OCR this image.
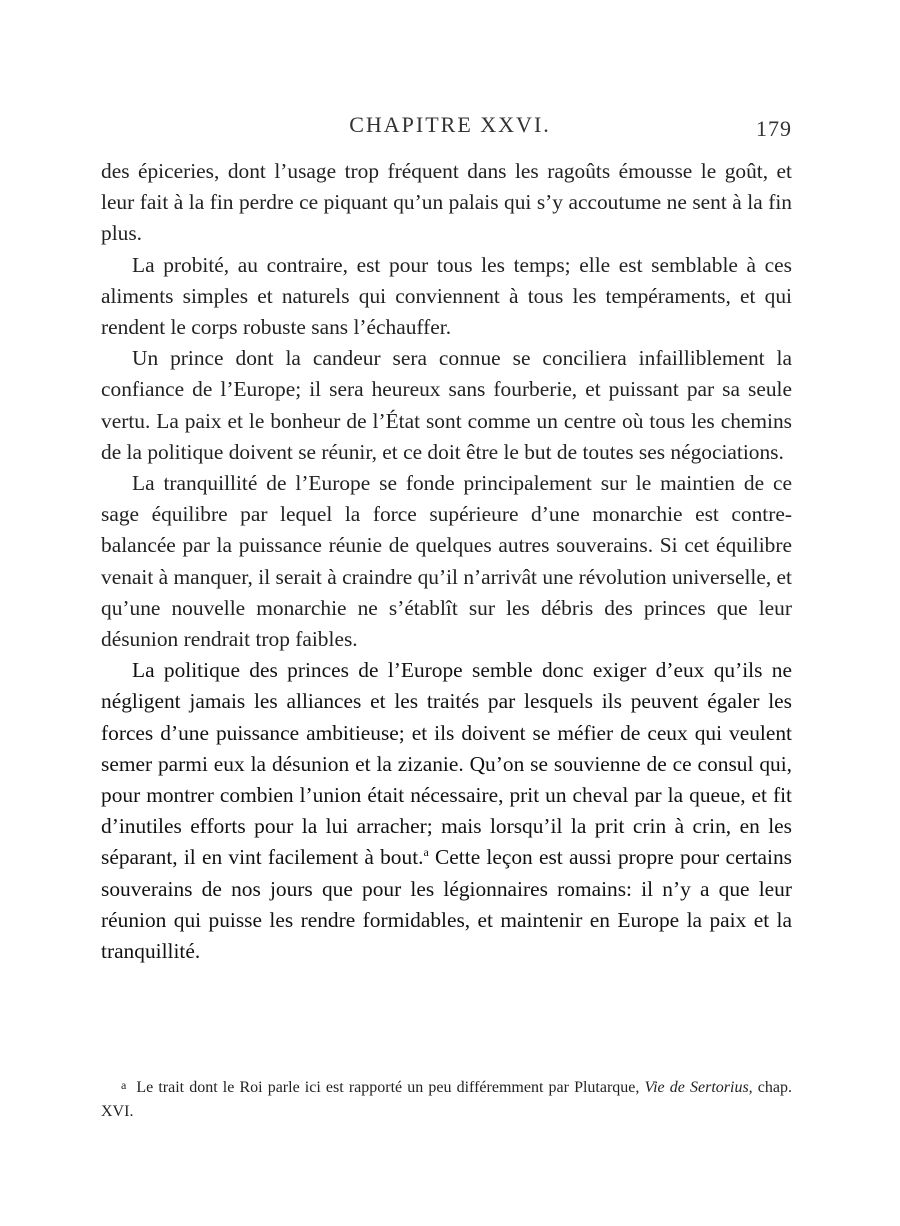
CHAPITRE XXVI.	179

des épiceries, dont l’usage trop fréquent dans les ragoûts émousse le goût, et leur fait à la fin perdre ce piquant qu’un palais qui s’y accoutume ne sent à la fin plus.

La probité, au contraire, est pour tous les temps; elle est semblable à ces aliments simples et naturels qui conviennent à tous les tempéraments, et qui rendent le corps robuste sans l’échauffer.

Un prince dont la candeur sera connue se conciliera infailliblement la confiance de l’Europe; il sera heureux sans fourberie, et puissant par sa seule vertu. La paix et le bonheur de l’État sont comme un centre où tous les chemins de la politique doivent se réunir, et ce doit être le but de toutes ses négociations.

La tranquillité de l’Europe se fonde principalement sur le maintien de ce sage équilibre par lequel la force supérieure d’une monarchie est contre-balancée par la puissance réunie de quelques autres souverains. Si cet équilibre venait à manquer, il serait à craindre qu’il n’arrivât une révolution universelle, et qu’une nouvelle monarchie ne s’établît sur les débris des princes que leur désunion rendrait trop faibles.

La politique des princes de l’Europe semble donc exiger d’eux qu’ils ne négligent jamais les alliances et les traités par lesquels ils peuvent égaler les forces d’une puissance ambitieuse; et ils doivent se méfier de ceux qui veulent semer parmi eux la désunion et la zizanie. Qu’on se souvienne de ce consul qui, pour montrer combien l’union était nécessaire, prit un cheval par la queue, et fit d’inutiles efforts pour la lui arracher; mais lorsqu’il la prit crin à crin, en les séparant, il en vint facilement à bout.$^a$ Cette leçon est aussi propre pour certains souverains de nos jours que pour les légionnaires romains: il n’y a que leur réunion qui puisse les rendre formidables, et maintenir en Europe la paix et la tranquillité.

a Le trait dont le Roi parle ici est rapporté un peu différemment par Plutarque, Vie de Sertorius, chap. XVI.
